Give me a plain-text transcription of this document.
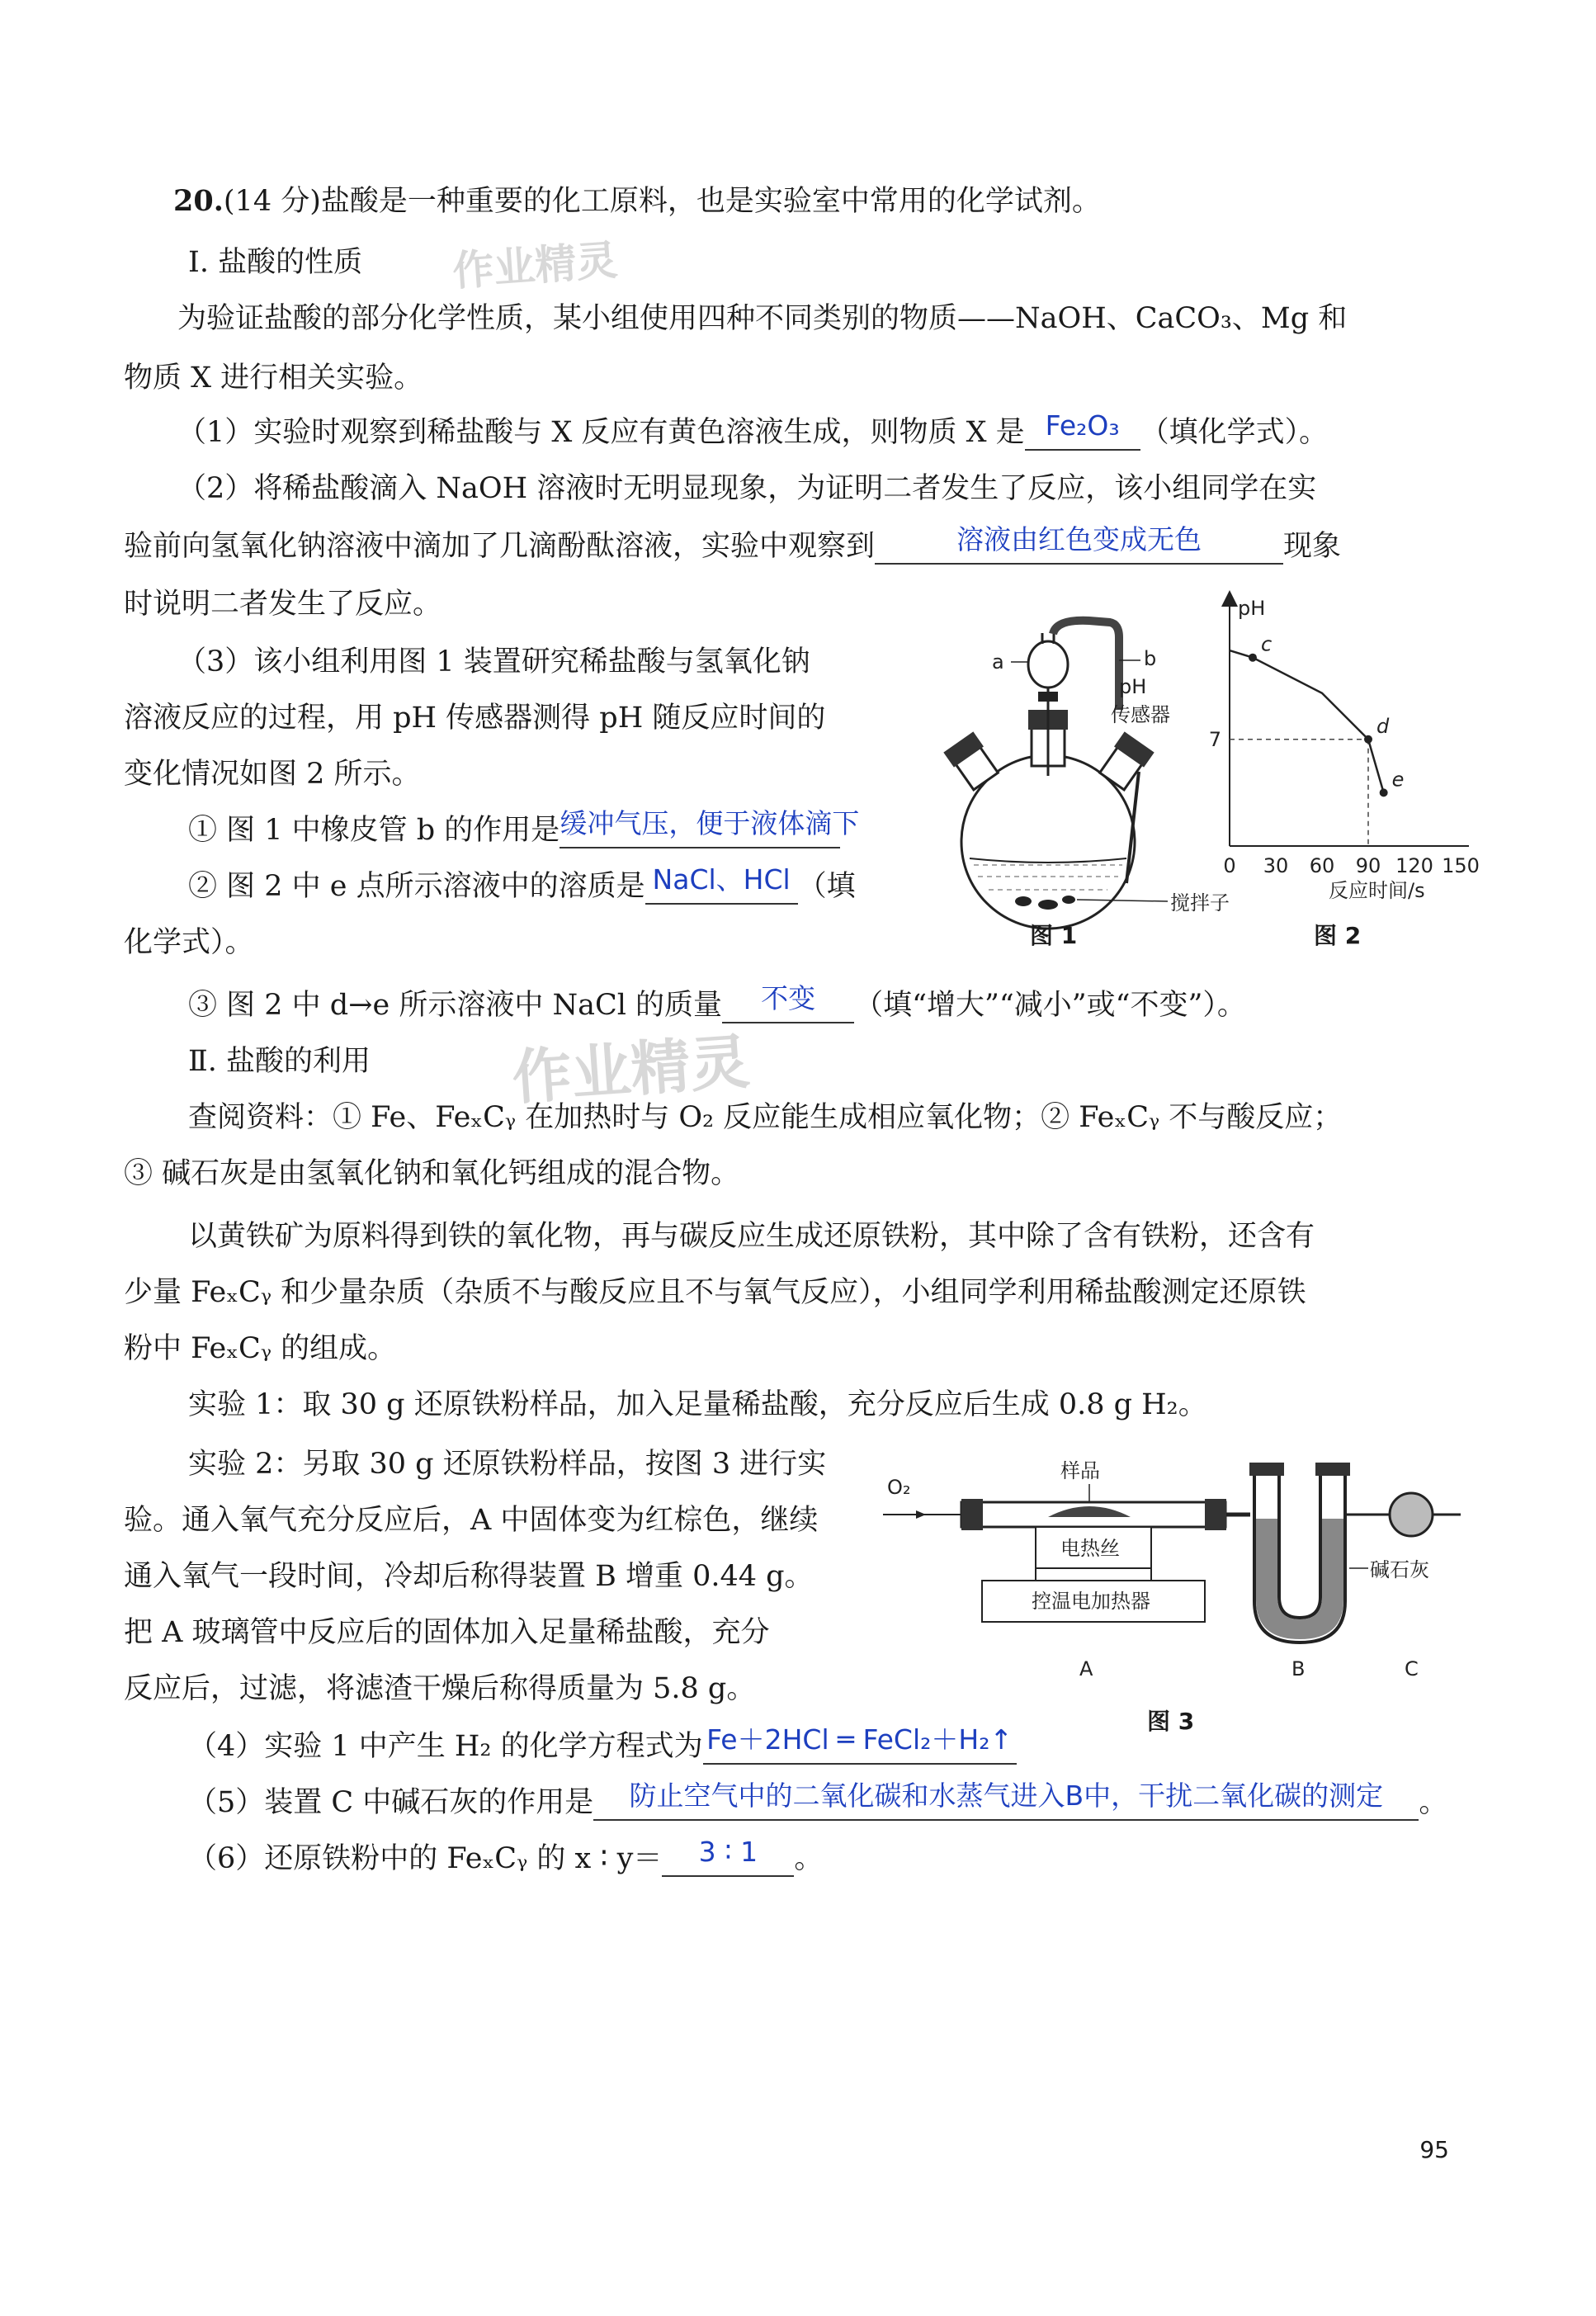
作业精灵
作业精灵
20.(14 分)盐酸是一种重要的化工原料，也是实验室中常用的化学试剂。
Ⅰ. 盐酸的性质
为验证盐酸的部分化学性质，某小组使用四种不同类别的物质——NaOH、CaCO₃、Mg 和
物质 X 进行相关实验。
（1）实验时观察到稀盐酸与 X 反应有黄色溶液生成，则物质 X 是 Fe₂O₃ （填化学式）。
（2）将稀盐酸滴入 NaOH 溶液时无明显现象，为证明二者发生了反应，该小组同学在实
验前向氢氧化钠溶液中滴加了几滴酚酞溶液，实验中观察到	溶液由红色变成无色	现象
时说明二者发生了反应。
（3）该小组利用图 1 装置研究稀盐酸与氢氧化钠
溶液反应的过程，用 pH 传感器测得 pH 随反应时间的
变化情况如图 2 所示。
① 图 1 中橡皮管 b 的作用是 缓冲气压，便于液体滴下
② 图 2 中 e 点所示溶液中的溶质是 NaCl、HCl （填
化学式）。
③ 图 2 中 d→e 所示溶液中 NaCl 的质量	不变	（填“增大”“减小”或“不变”）。
a	b
pH
传感器
搅拌子
图 1
pH
0 30 60 90 120 150
7
c
d
e
反应时间/s
图 2
Ⅱ. 盐酸的利用
查阅资料：① Fe、FeₓCᵧ 在加热时与 O₂ 反应能生成相应氧化物；② FeₓCᵧ 不与酸反应；
③ 碱石灰是由氢氧化钠和氧化钙组成的混合物。
以黄铁矿为原料得到铁的氧化物，再与碳反应生成还原铁粉，其中除了含有铁粉，还含有
少量 FeₓCᵧ 和少量杂质（杂质不与酸反应且不与氧气反应），小组同学利用稀盐酸测定还原铁
粉中 FeₓCᵧ 的组成。
实验 1：取 30 g 还原铁粉样品，加入足量稀盐酸，充分反应后生成 0.8 g H₂。
实验 2：另取 30 g 还原铁粉样品，按图 3 进行实
验。通入氧气充分反应后，A 中固体变为红棕色，继续
通入氧气一段时间，冷却后称得装置 B 增重 0.44 g。
把 A 玻璃管中反应后的固体加入足量稀盐酸，充分
反应后，过滤，将滤渣干燥后称得质量为 5.8 g。
O₂
样品
电热丝
控温电加热器
碱石灰
A	B	C
图 3
（4）实验 1 中产生 H₂ 的化学方程式为 Fe＋2HCl ═ FeCl₂＋H₂↑
（5）装置 C 中碱石灰的作用是	防止空气中的二氧化碳和水蒸气进入B中，干扰二氧化碳的测定	。
（6）还原铁粉中的 FeₓCᵧ 的 x ∶ y＝	3 ∶ 1	。
95
